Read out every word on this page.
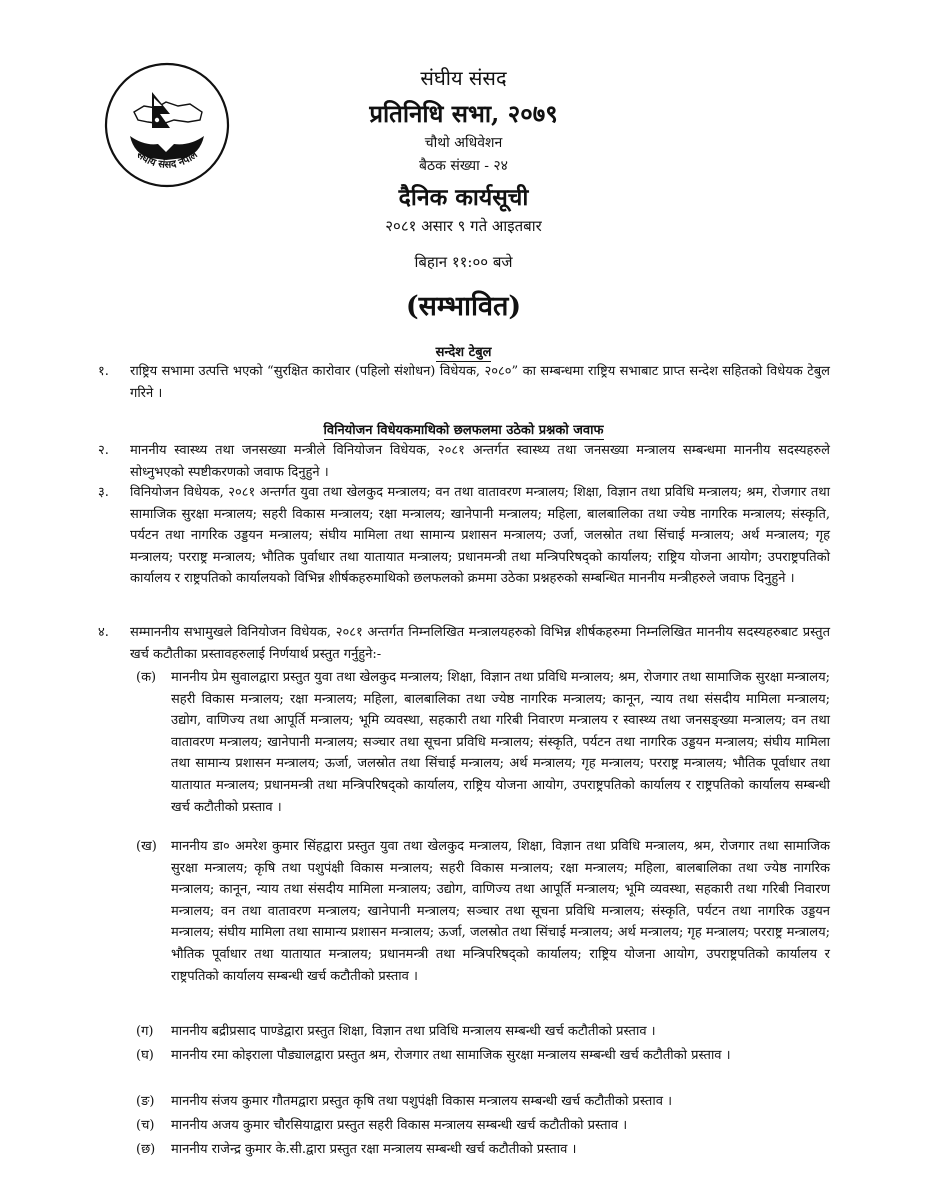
संघीय संसद नेपाल
संघीय संसद
प्रतिनिधि सभा, २०७९
चौथो अधिवेशन
बैठक संख्या - २४
दैनिक कार्यसूची
२०८१ असार ९ गते आइतबार
बिहान ११:०० बजे
(सम्भावित)
सन्देश टेबुल
१.	राष्ट्रिय सभामा उत्पत्ति भएको “सुरक्षित कारोवार (पहिलो संशोधन) विधेयक, २०८०” का सम्बन्धमा राष्ट्रिय सभाबाट प्राप्त सन्देश सहितको विधेयक टेबुल गरिने ।
विनियोजन विधेयकमाथिको छलफलमा उठेको प्रश्नको जवाफ
२.	माननीय स्वास्थ्य तथा जनसख्या मन्त्रीले विनियोजन विधेयक, २०८१ अन्तर्गत स्वास्थ्य तथा जनसख्या मन्त्रालय सम्बन्धमा माननीय सदस्यहरुले सोध्नुभएको स्पष्टीकरणको जवाफ दिनुहुने ।
३.	विनियोजन विधेयक, २०८१ अन्तर्गत युवा तथा खेलकुद मन्त्रालय; वन तथा वातावरण मन्त्रालय; शिक्षा, विज्ञान तथा प्रविधि मन्त्रालय; श्रम, रोजगार तथा सामाजिक सुरक्षा मन्त्रालय; सहरी विकास मन्त्रालय; रक्षा मन्त्रालय; खानेपानी मन्त्रालय; महिला, बालबालिका तथा ज्येष्ठ नागरिक मन्त्रालय; संस्कृति, पर्यटन तथा नागरिक उड्डयन मन्त्रालय; संघीय मामिला तथा सामान्य प्रशासन मन्त्रालय; उर्जा, जलस्रोत तथा सिंचाई मन्त्रालय; अर्थ मन्त्रालय; गृह मन्त्रालय; परराष्ट्र मन्त्रालय; भौतिक पुर्वाधार तथा यातायात मन्त्रालय; प्रधानमन्त्री तथा मन्त्रिपरिषद्को कार्यालय; राष्ट्रिय योजना आयोग; उपराष्ट्रपतिको कार्यालय र राष्ट्रपतिको कार्यालयको विभिन्न शीर्षकहरुमाथिको छलफलको क्रममा उठेका प्रश्नहरुको सम्बन्धित माननीय मन्त्रीहरुले जवाफ दिनुहुने ।
४.	सम्माननीय सभामुखले विनियोजन विधेयक, २०८१ अन्तर्गत निम्नलिखित मन्त्रालयहरुको विभिन्न शीर्षकहरुमा निम्नलिखित माननीय सदस्यहरुबाट प्रस्तुत खर्च कटौतीका प्रस्तावहरुलाई निर्णयार्थ प्रस्तुत गर्नुहुने:-
(क)	माननीय प्रेम सुवालद्वारा प्रस्तुत युवा तथा खेलकुद मन्त्रालय; शिक्षा, विज्ञान तथा प्रविधि मन्त्रालय; श्रम, रोजगार तथा सामाजिक सुरक्षा मन्त्रालय; सहरी विकास मन्त्रालय; रक्षा मन्त्रालय; महिला, बालबालिका तथा ज्येष्ठ नागरिक मन्त्रालय; कानून, न्याय तथा संसदीय मामिला मन्त्रालय; उद्योग, वाणिज्य तथा आपूर्ति मन्त्रालय; भूमि व्यवस्था, सहकारी तथा गरिबी निवारण मन्त्रालय र स्वास्थ्य तथा जनसङ्ख्या मन्त्रालय; वन तथा वातावरण मन्त्रालय; खानेपानी मन्त्रालय; सञ्चार तथा सूचना प्रविधि मन्त्रालय; संस्कृति, पर्यटन तथा नागरिक उड्डयन मन्त्रालय; संघीय मामिला तथा सामान्य प्रशासन मन्त्रालय; ऊर्जा, जलस्रोत तथा सिंचाई मन्त्रालय; अर्थ मन्त्रालय; गृह मन्त्रालय; परराष्ट्र मन्त्रालय; भौतिक पूर्वाधार तथा यातायात मन्त्रालय; प्रधानमन्त्री तथा मन्त्रिपरिषद्को कार्यालय, राष्ट्रिय योजना आयोग, उपराष्ट्रपतिको कार्यालय र राष्ट्रपतिको कार्यालय सम्बन्धी खर्च कटौतीको प्रस्ताव ।
(ख)	माननीय डा० अमरेश कुमार सिंहद्वारा प्रस्तुत युवा तथा खेलकुद मन्त्रालय, शिक्षा, विज्ञान तथा प्रविधि मन्त्रालय, श्रम, रोजगार तथा सामाजिक सुरक्षा मन्त्रालय; कृषि तथा पशुपंक्षी विकास मन्त्रालय; सहरी विकास मन्त्रालय; रक्षा मन्त्रालय; महिला, बालबालिका तथा ज्येष्ठ नागरिक मन्त्रालय; कानून, न्याय तथा संसदीय मामिला मन्त्रालय; उद्योग, वाणिज्य तथा आपूर्ति मन्त्रालय; भूमि व्यवस्था, सहकारी तथा गरिबी निवारण मन्त्रालय; वन तथा वातावरण मन्त्रालय; खानेपानी मन्त्रालय; सञ्चार तथा सूचना प्रविधि मन्त्रालय; संस्कृति, पर्यटन तथा नागरिक उड्डयन मन्त्रालय; संघीय मामिला तथा सामान्य प्रशासन मन्त्रालय; ऊर्जा, जलस्रोत तथा सिंचाई मन्त्रालय; अर्थ मन्त्रालय; गृह मन्त्रालय; परराष्ट्र मन्त्रालय; भौतिक पूर्वाधार तथा यातायात मन्त्रालय; प्रधानमन्त्री तथा मन्त्रिपरिषद्को कार्यालय; राष्ट्रिय योजना आयोग, उपराष्ट्रपतिको कार्यालय र राष्ट्रपतिको कार्यालय सम्बन्धी खर्च कटौतीको प्रस्ताव ।
(ग)	माननीय बद्रीप्रसाद पाण्डेद्वारा प्रस्तुत शिक्षा, विज्ञान तथा प्रविधि मन्त्रालय सम्बन्धी खर्च कटौतीको प्रस्ताव ।
(घ)	माननीय रमा कोइराला पौड्यालद्वारा प्रस्तुत श्रम, रोजगार तथा सामाजिक सुरक्षा मन्त्रालय सम्बन्धी खर्च कटौतीको प्रस्ताव ।
(ङ)	माननीय संजय कुमार गौतमद्वारा प्रस्तुत कृषि तथा पशुपंक्षी विकास मन्त्रालय सम्बन्धी खर्च कटौतीको प्रस्ताव ।
(च)	माननीय अजय कुमार चौरसियाद्वारा प्रस्तुत सहरी विकास मन्त्रालय सम्बन्धी खर्च कटौतीको प्रस्ताव ।
(छ)	माननीय राजेन्द्र कुमार के.सी.द्वारा प्रस्तुत रक्षा मन्त्रालय सम्बन्धी खर्च कटौतीको प्रस्ताव ।
